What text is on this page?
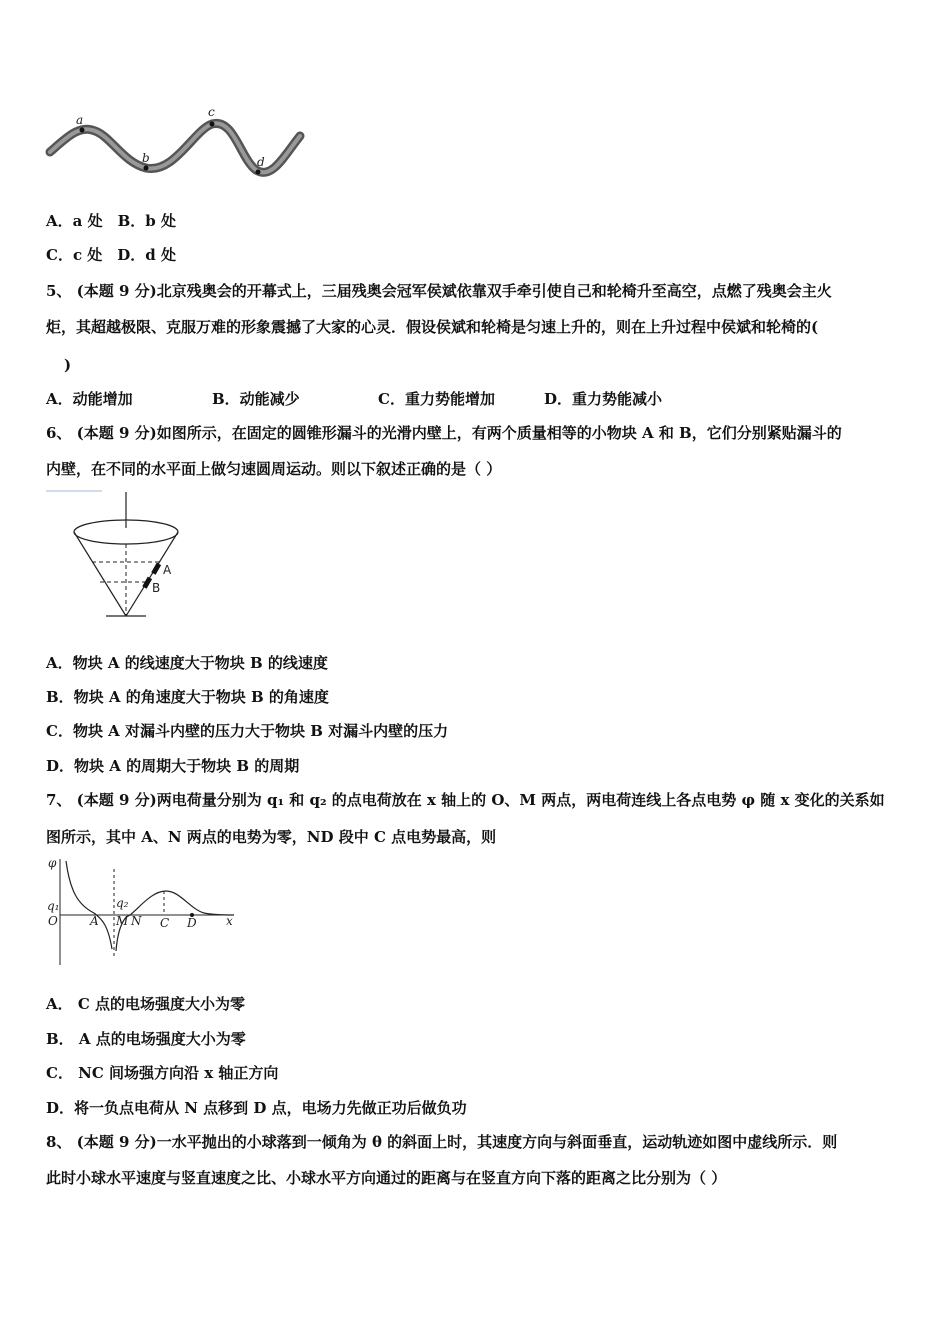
a
b
c
d
A．a 处　B．b 处
C．c 处　D．d 处
5、 (本题 9 分)北京残奥会的开幕式上，三届残奥会冠军侯斌依靠双手牵引使自己和轮椅升至高空，点燃了残奥会主火
炬，其超越极限、克服万难的形象震撼了大家的心灵．假设侯斌和轮椅是匀速上升的，则在上升过程中侯斌和轮椅的(
)
A．动能增加	B．动能减少	C．重力势能增加	D．重力势能减小
6、 (本题 9 分)如图所示，在固定的圆锥形漏斗的光滑内壁上，有两个质量相等的小物块 A 和 B，它们分别紧贴漏斗的
内壁，在不同的水平面上做匀速圆周运动。则以下叙述正确的是（ ）
A
B
A．物块 A 的线速度大于物块 B 的线速度
B．物块 A 的角速度大于物块 B 的角速度
C．物块 A 对漏斗内壁的压力大于物块 B 对漏斗内壁的压力
D．物块 A 的周期大于物块 B 的周期
7、 (本题 9 分)两电荷量分别为 q₁ 和 q₂ 的点电荷放在 x 轴上的 O、M 两点，两电荷连线上各点电势 φ 随 x 变化的关系如
图所示，其中 A、N 两点的电势为零，ND 段中 C 点电势最高，则
φ
q₁	q₂
O	A M N C D x
A． C 点的电场强度大小为零
B． A 点的电场强度大小为零
C． NC 间场强方向沿 x 轴正方向
D．将一负点电荷从 N 点移到 D 点，电场力先做正功后做负功
8、 (本题 9 分)一水平抛出的小球落到一倾角为 θ 的斜面上时，其速度方向与斜面垂直，运动轨迹如图中虚线所示．则
此时小球水平速度与竖直速度之比、小球水平方向通过的距离与在竖直方向下落的距离之比分别为（ ）
